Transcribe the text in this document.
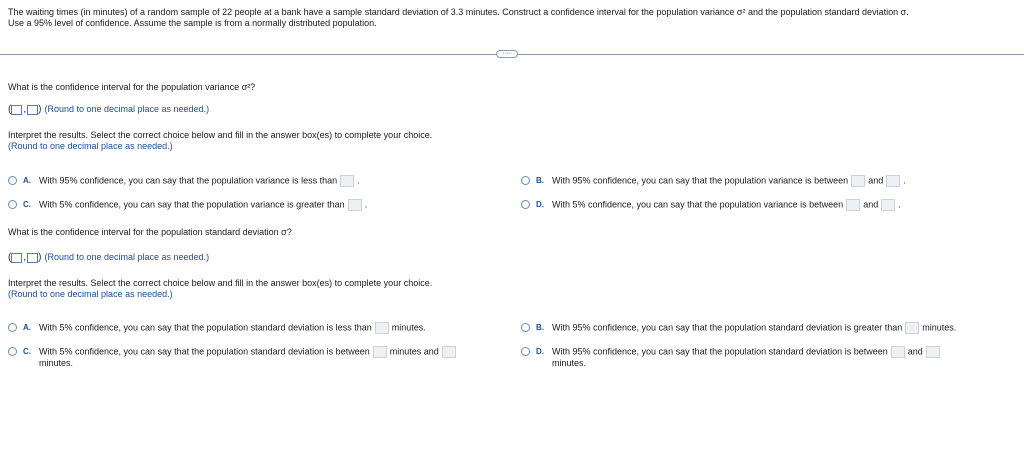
The waiting times (in minutes) of a random sample of 22 people at a bank have a sample standard deviation of 3.3 minutes. Construct a confidence interval for the population variance σ² and the population standard deviation σ.

Use a 95% level of confidence. Assume the sample is from a normally distributed population.

·····
What is the confidence interval for the population variance σ²?
( , ) (Round to one decimal place as needed.)
Interpret the results. Select the correct choice below and fill in the answer box(es) to complete your choice.
(Round to one decimal place as needed.)
A. With 95% confidence, you can say that the population variance is less than .
C. With 5% confidence, you can say that the population variance is greater than .
B. With 95% confidence, you can say that the population variance is between and .
D. With 5% confidence, you can say that the population variance is between and .
What is the confidence interval for the population standard deviation σ?
( , ) (Round to one decimal place as needed.)
Interpret the results. Select the correct choice below and fill in the answer box(es) to complete your choice.
(Round to one decimal place as needed.)
A. With 5% confidence, you can say that the population standard deviation is less than minutes.
C. With 5% confidence, you can say that the population standard deviation is between minutes and
minutes.
B. With 95% confidence, you can say that the population standard deviation is greater than minutes.
D. With 95% confidence, you can say that the population standard deviation is between and
minutes.
